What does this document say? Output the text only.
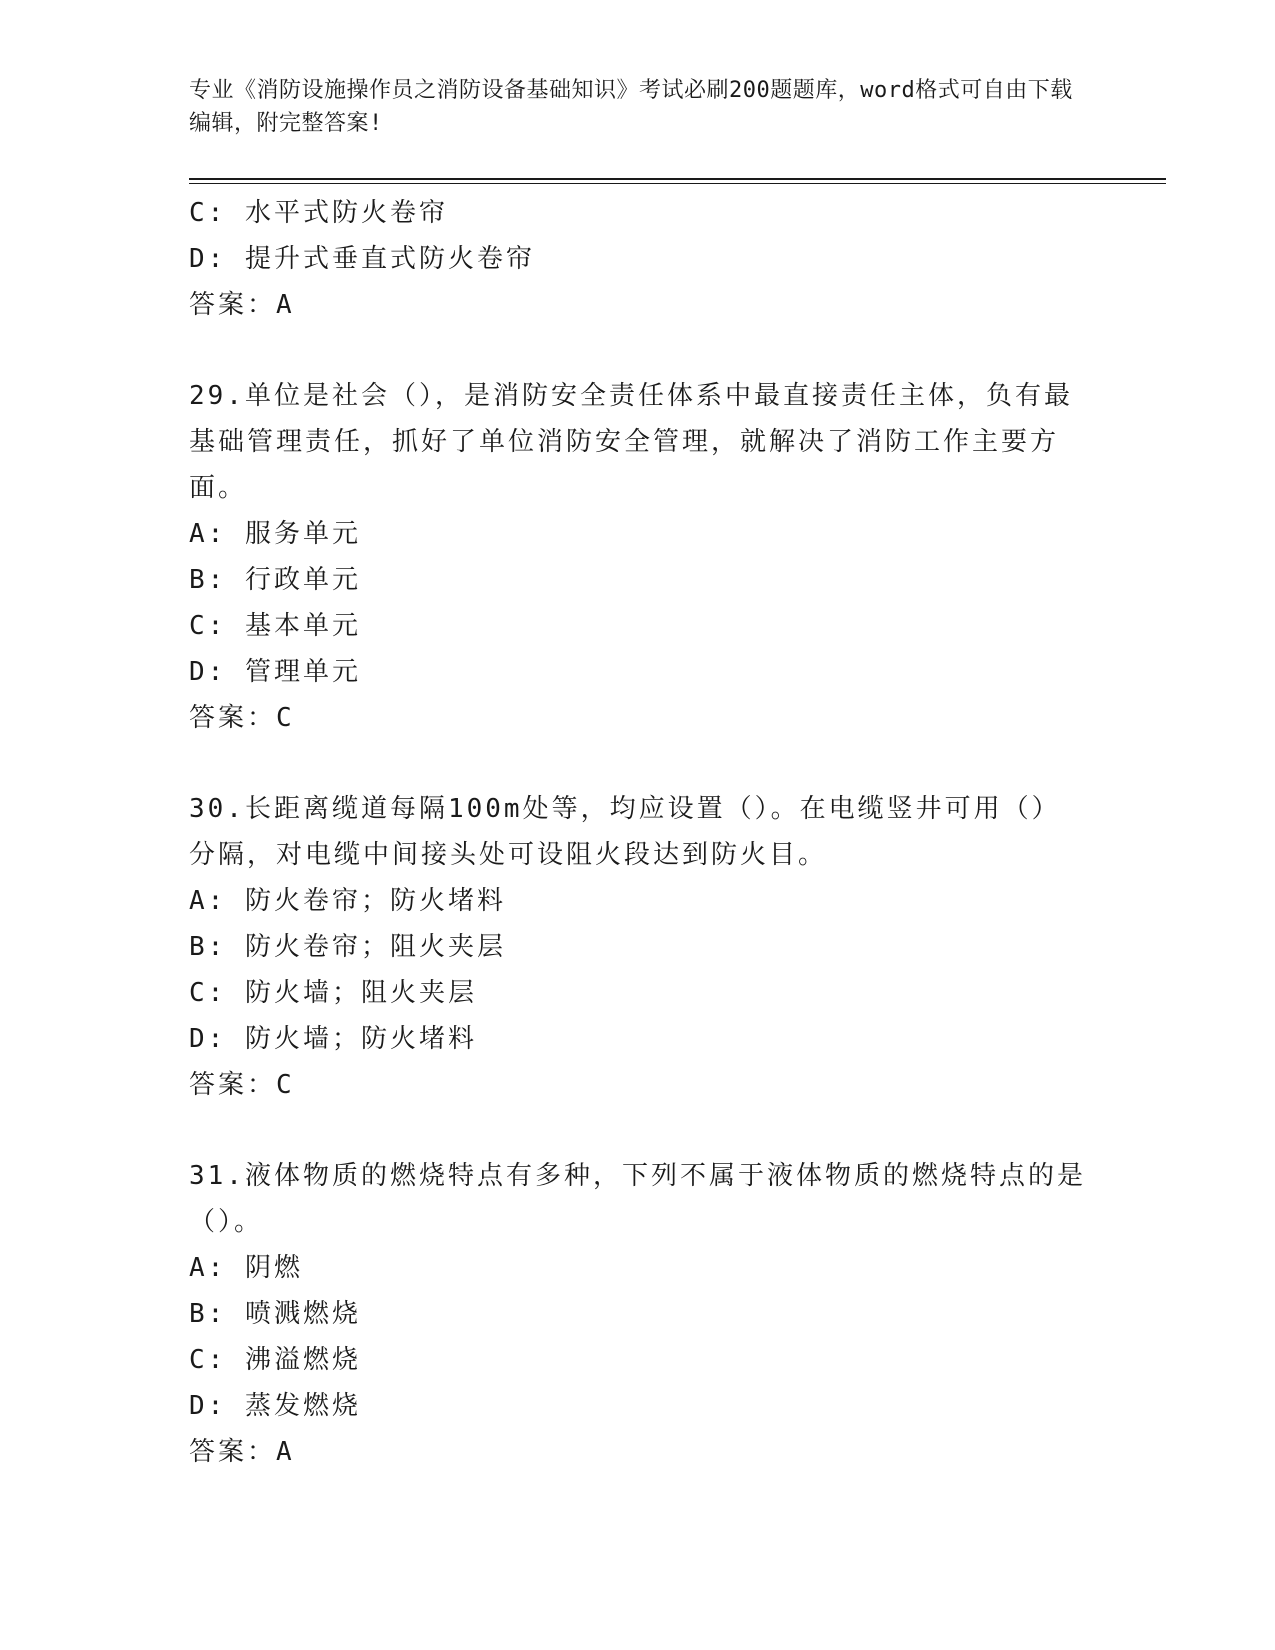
专业《消防设施操作员之消防设备基础知识》考试必刷200题题库，word格式可自由下载编辑，附完整答案!
C: 水平式防火卷帘
D: 提升式垂直式防火卷帘
答案：A
29.单位是社会（），是消防安全责任体系中最直接责任主体，负有最
基础管理责任，抓好了单位消防安全管理，就解决了消防工作主要方
面。
A: 服务单元
B: 行政单元
C: 基本单元
D: 管理单元
答案：C
30.长距离缆道每隔100m处等，均应设置（）。在电缆竖井可用（）
分隔，对电缆中间接头处可设阻火段达到防火目。
A: 防火卷帘；防火堵料
B: 防火卷帘；阻火夹层
C: 防火墙；阻火夹层
D: 防火墙；防火堵料
答案：C
31.液体物质的燃烧特点有多种，下列不属于液体物质的燃烧特点的是
（）。
A: 阴燃
B: 喷溅燃烧
C: 沸溢燃烧
D: 蒸发燃烧
答案：A
